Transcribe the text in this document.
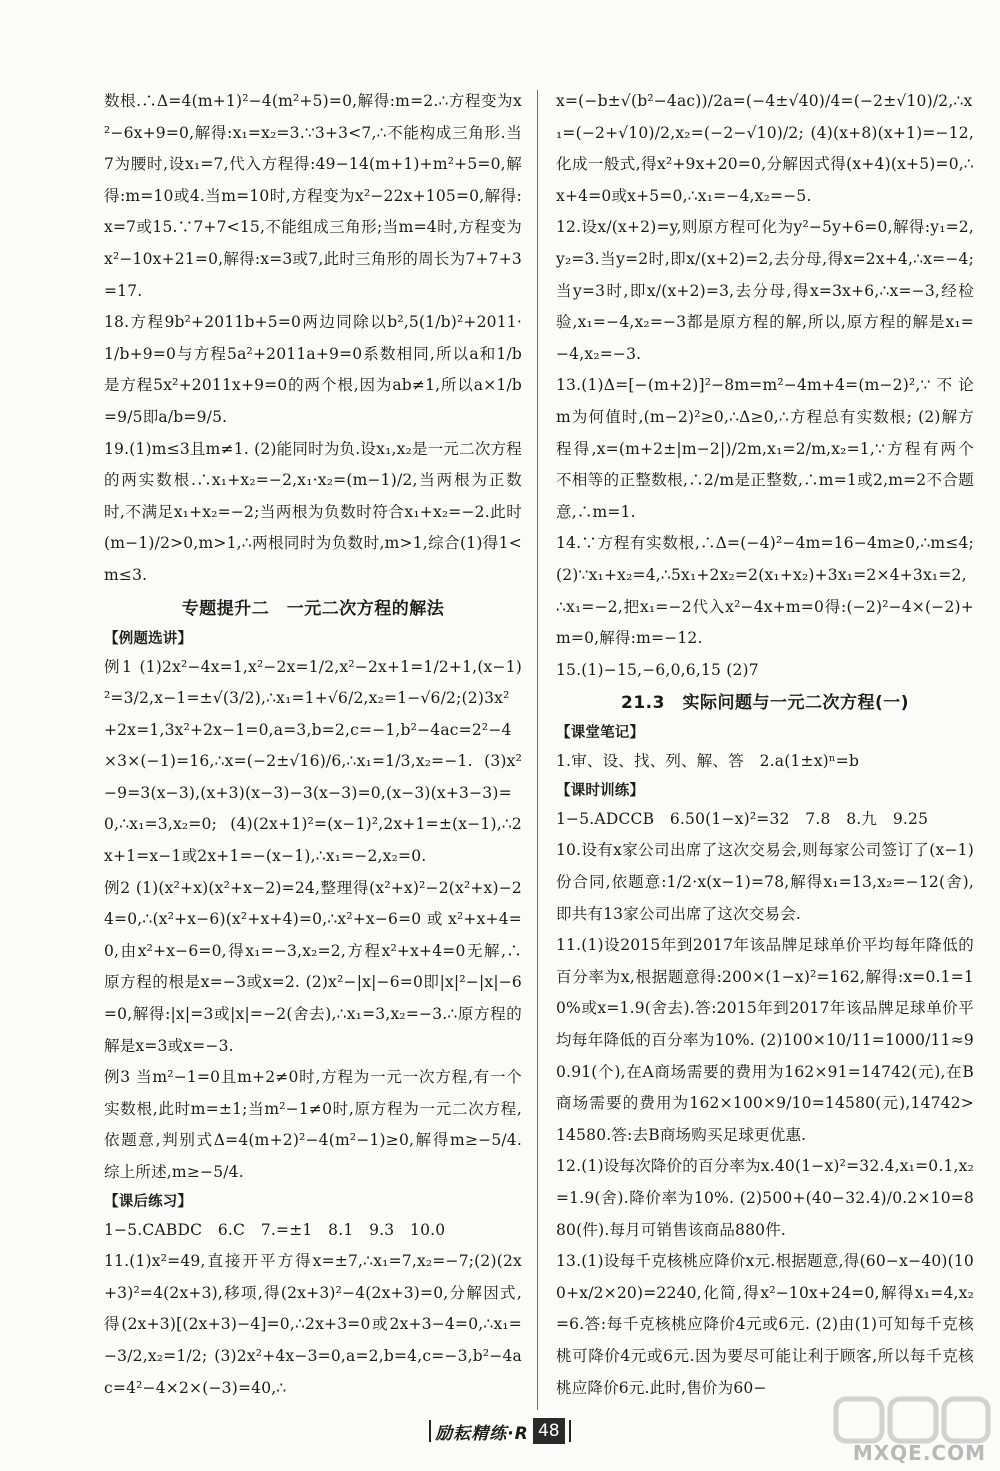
数根.∴Δ=4(m+1)²−4(m²+5)=0,解得:m=2.∴方程变为x²−6x+9=0,解得:x₁=x₂=3.∵3+3<7,∴不能构成三角形.当7为腰时,设x₁=7,代入方程得:49−14(m+1)+m²+5=0,解得:m=10或4.当m=10时,方程变为x²−22x+105=0,解得:x=7或15.∵7+7<15,不能组成三角形;当m=4时,方程变为x²−10x+21=0,解得:x=3或7,此时三角形的周长为7+7+3=17.

18.方程9b²+2011b+5=0两边同除以b²,5(1/b)²+2011·1/b+9=0与方程5a²+2011a+9=0系数相同,所以a和1/b是方程5x²+2011x+9=0的两个根,因为ab≠1,所以a×1/b=9/5即a/b=9/5.

19.(1)m≤3且m≠1. (2)能同时为负.设x₁,x₂是一元二次方程的两实数根.∴x₁+x₂=−2,x₁·x₂=(m−1)/2,当两根为正数时,不满足x₁+x₂=−2;当两根为负数时符合x₁+x₂=−2.此时(m−1)/2>0,m>1,∴两根同时为负数时,m>1,综合(1)得1<m≤3.

专题提升二　一元二次方程的解法
【例题选讲】

例1 (1)2x²−4x=1,x²−2x=1/2,x²−2x+1=1/2+1,(x−1)²=3/2,x−1=±√(3/2),∴x₁=1+√6/2,x₂=1−√6/2;(2)3x²+2x=1,3x²+2x−1=0,a=3,b=2,c=−1,b²−4ac=2²−4×3×(−1)=16,∴x=(−2±√16)/6,∴x₁=1/3,x₂=−1. (3)x²−9=3(x−3),(x+3)(x−3)−3(x−3)=0,(x−3)(x+3−3)=0,∴x₁=3,x₂=0; (4)(2x+1)²=(x−1)²,2x+1=±(x−1),∴2x+1=x−1或2x+1=−(x−1),∴x₁=−2,x₂=0.

例2 (1)(x²+x)(x²+x−2)=24,整理得(x²+x)²−2(x²+x)−24=0,∴(x²+x−6)(x²+x+4)=0,∴x²+x−6=0或x²+x+4=0,由x²+x−6=0,得x₁=−3,x₂=2,方程x²+x+4=0无解,∴原方程的根是x=−3或x=2. (2)x²−|x|−6=0即|x|²−|x|−6=0,解得:|x|=3或|x|=−2(舍去),∴x₁=3,x₂=−3.∴原方程的解是x=3或x=−3.

例3 当m²−1=0且m+2≠0时,方程为一元一次方程,有一个实数根,此时m=±1;当m²−1≠0时,原方程为一元二次方程,依题意,判别式Δ=4(m+2)²−4(m²−1)≥0,解得m≥−5/4.综上所述,m≥−5/4.

【课后练习】

1−5.CABDC　6.C　7.=±1　8.1　9.3　10.0

11.(1)x²=49,直接开平方得x=±7,∴x₁=7,x₂=−7;(2)(2x+3)²=4(2x+3),移项,得(2x+3)²−4(2x+3)=0,分解因式,得(2x+3)[(2x+3)−4]=0,∴2x+3=0或2x+3−4=0,∴x₁=−3/2,x₂=1/2; (3)2x²+4x−3=0,a=2,b=4,c=−3,b²−4ac=4²−4×2×(−3)=40,∴

x=(−b±√(b²−4ac))/2a=(−4±√40)/4=(−2±√10)/2,∴x₁=(−2+√10)/2,x₂=(−2−√10)/2; (4)(x+8)(x+1)=−12,化成一般式,得x²+9x+20=0,分解因式得(x+4)(x+5)=0,∴x+4=0或x+5=0,∴x₁=−4,x₂=−5.

12.设x/(x+2)=y,则原方程可化为y²−5y+6=0,解得:y₁=2,y₂=3.当y=2时,即x/(x+2)=2,去分母,得x=2x+4,∴x=−4;当y=3时,即x/(x+2)=3,去分母,得x=3x+6,∴x=−3,经检验,x₁=−4,x₂=−3都是原方程的解,所以,原方程的解是x₁=−4,x₂=−3.

13.(1)Δ=[−(m+2)]²−8m=m²−4m+4=(m−2)²,∵不论m为何值时,(m−2)²≥0,∴Δ≥0,∴方程总有实数根; (2)解方程得,x=(m+2±|m−2|)/2m,x₁=2/m,x₂=1,∵方程有两个不相等的正整数根,∴2/m是正整数,∴m=1或2,m=2不合题意,∴m=1.

14.∵方程有实数根,∴Δ=(−4)²−4m=16−4m≥0,∴m≤4; (2)∵x₁+x₂=4,∴5x₁+2x₂=2(x₁+x₂)+3x₁=2×4+3x₁=2,∴x₁=−2,把x₁=−2代入x²−4x+m=0得:(−2)²−4×(−2)+m=0,解得:m=−12.

15.(1)−15,−6,0,6,15 (2)7

21.3　实际问题与一元二次方程(一)
【课堂笔记】

1.审、设、找、列、解、答　2.a(1±x)ⁿ=b

【课时训练】

1−5.ADCCB　6.50(1−x)²=32　7.8　8.九　9.25

10.设有x家公司出席了这次交易会,则每家公司签订了(x−1)份合同,依题意:1/2·x(x−1)=78,解得x₁=13,x₂=−12(舍),即共有13家公司出席了这次交易会.

11.(1)设2015年到2017年该品牌足球单价平均每年降低的百分率为x,根据题意得:200×(1−x)²=162,解得:x=0.1=10%或x=1.9(舍去).答:2015年到2017年该品牌足球单价平均每年降低的百分率为10%. (2)100×10/11=1000/11≈90.91(个),在A商场需要的费用为162×91=14742(元),在B商场需要的费用为162×100×9/10=14580(元),14742>14580.答:去B商场购买足球更优惠.

12.(1)设每次降价的百分率为x.40(1−x)²=32.4,x₁=0.1,x₂=1.9(舍).降价率为10%. (2)500+(40−32.4)/0.2×10=880(件).每月可销售该商品880件.

13.(1)设每千克核桃应降价x元.根据题意,得(60−x−40)(100+x/2×20)=2240,化简,得x²−10x+24=0,解得x₁=4,x₂=6.答:每千克核桃应降价4元或6元. (2)由(1)可知每千克核桃可降价4元或6元.因为要尽可能让利于顾客,所以每千克核桃应降价6元.此时,售价为60−

励耘精练·R 48
MXQE.COM
